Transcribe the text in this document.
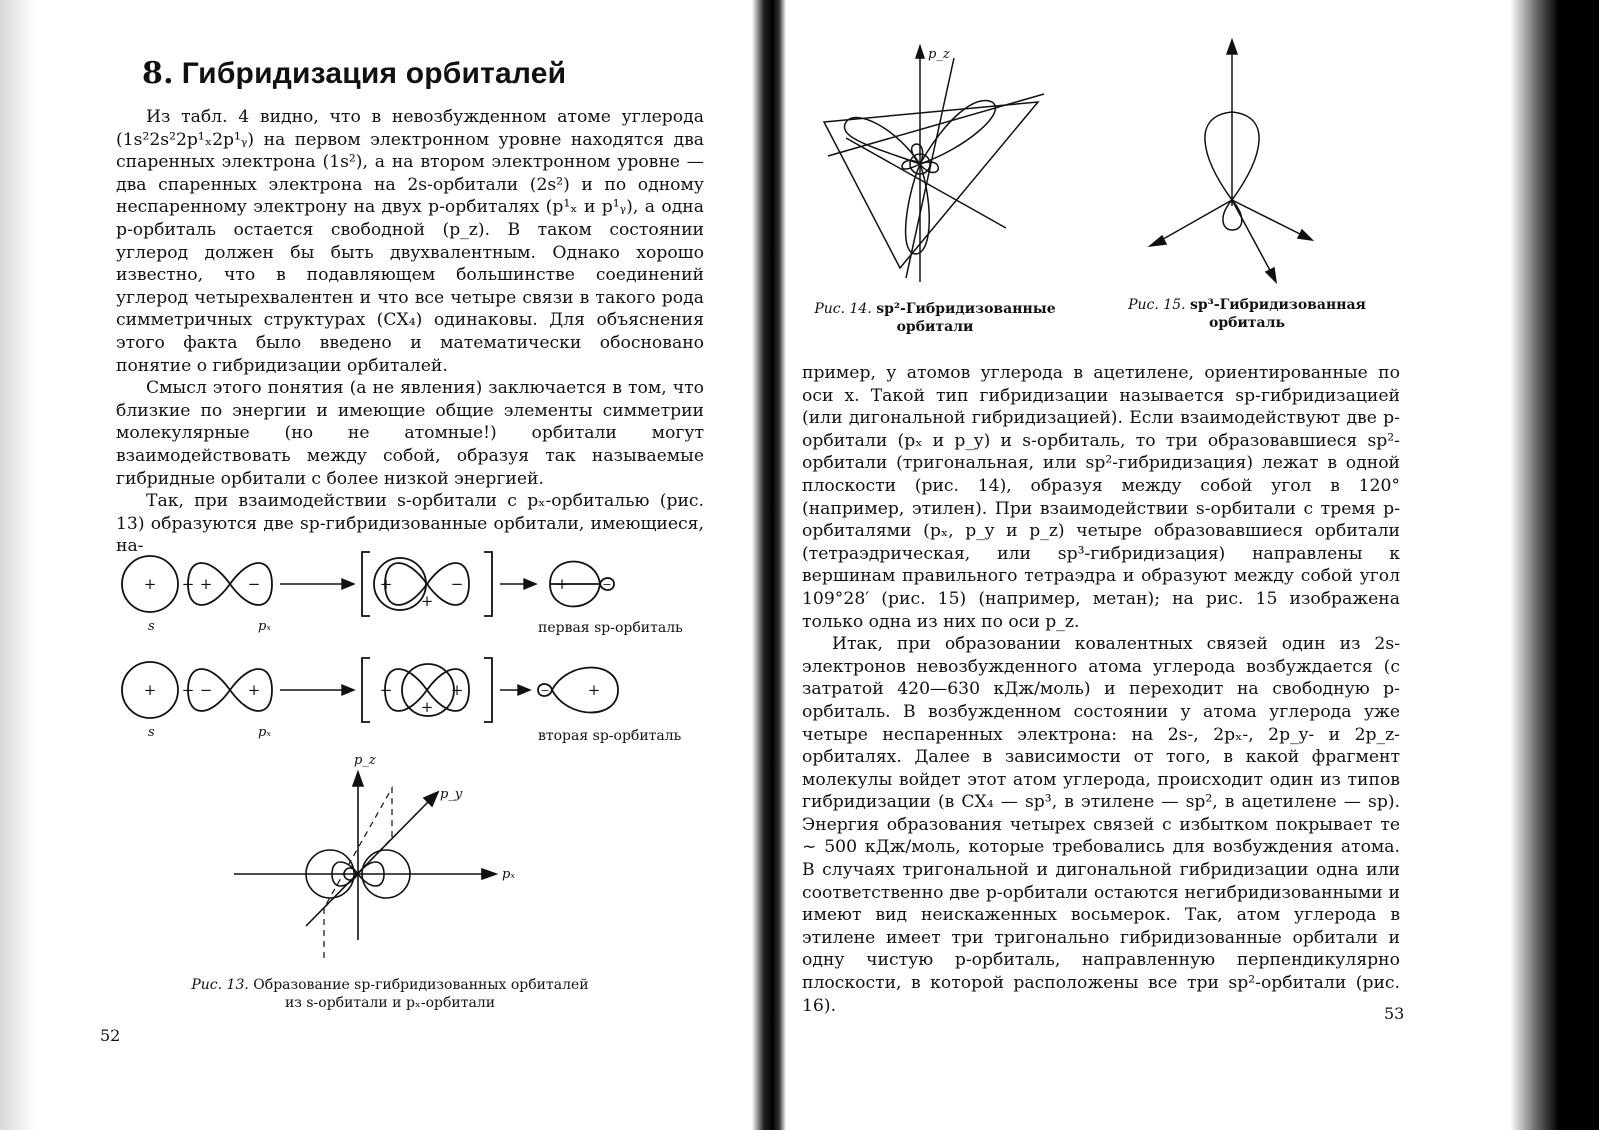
8. Гибридизация орбиталей

Из табл. 4 видно, что в невозбужденном атоме углерода (1s²2s²2p¹ₓ2p¹ᵧ) на первом электронном уровне находятся два спаренных электрона (1s²), а на втором электронном уровне — два спаренных электрона на 2s-орбитали (2s²) и по одному неспаренному электрону на двух p-орбиталях (p¹ₓ и p¹ᵧ), а одна p-орбиталь остается свободной (p_z). В таком состоянии углерод должен бы быть двухвалентным. Однако хорошо известно, что в подавляющем большинстве соединений углерод четырехвалентен и что все четыре связи в такого рода симметричных структурах (CX₄) одинаковы. Для объяснения этого факта было введено и математически обосновано понятие о гибридизации орбиталей.

Смысл этого понятия (а не явления) заключается в том, что близкие по энергии и имеющие общие элементы симметрии молекулярные (но не атомные!) орбитали могут взаимодействовать между собой, образуя так называемые гибридные орбитали с более низкой энергией.

Так, при взаимодействии s-орбитали с pₓ-орбиталью (рис. 13) образуются две sp-гибридизованные орбитали, имеющиеся, на-

+
+
+	+ −	+
+
−	+	−
+	− +	−
+
+	−	+
s	pₓ
s	pₓ
первая sp-орбиталь
вторая sp-орбиталь
p_z
p_y
pₓ
Рис. 13. Образование sp-гибридизованных орбиталей
из s-орбитали и pₓ-орбитали
52
p_z
Рис. 14. sp²-Гибридизованные
орбитали
Рис. 15. sp³-Гибридизованная
орбиталь

пример, у атомов углерода в ацетилене, ориентированные по оси x. Такой тип гибридизации называется sp-гибридизацией (или дигональной гибридизацией). Если взаимодействуют две p-орбитали (pₓ и p_y) и s-орбиталь, то три образовавшиеся sp²-орбитали (тригональная, или sp²-гибридизация) лежат в одной плоскости (рис. 14), образуя между собой угол в 120° (например, этилен). При взаимодействии s-орбитали с тремя p-орбиталями (pₓ, p_y и p_z) четыре образовавшиеся орбитали (тетраэдрическая, или sp³-гибридизация) направлены к вершинам правильного тетраэдра и образуют между собой угол 109°28′ (рис. 15) (например, метан); на рис. 15 изображена только одна из них по оси p_z.

Итак, при образовании ковалентных связей один из 2s-электронов невозбужденного атома углерода возбуждается (с затратой 420—630 кДж/моль) и переходит на свободную p-орбиталь. В возбужденном состоянии у атома углерода уже четыре неспаренных электрона: на 2s-, 2pₓ-, 2p_y- и 2p_z-орбиталях. Далее в зависимости от того, в какой фрагмент молекулы войдет этот атом углерода, происходит один из типов гибридизации (в CX₄ — sp³, в этилене — sp², в ацетилене — sp). Энергия образования четырех связей с избытком покрывает те ~ 500 кДж/моль, которые требовались для возбуждения атома. В случаях тригональной и дигональной гибридизации одна или соответственно две p-орбитали остаются негибридизованными и имеют вид неискаженных восьмерок. Так, атом углерода в этилене имеет три тригонально гибридизованные орбитали и одну чистую p-орбиталь, направленную перпендикулярно плоскости, в которой расположены все три sp²-орбитали (рис. 16).	53
